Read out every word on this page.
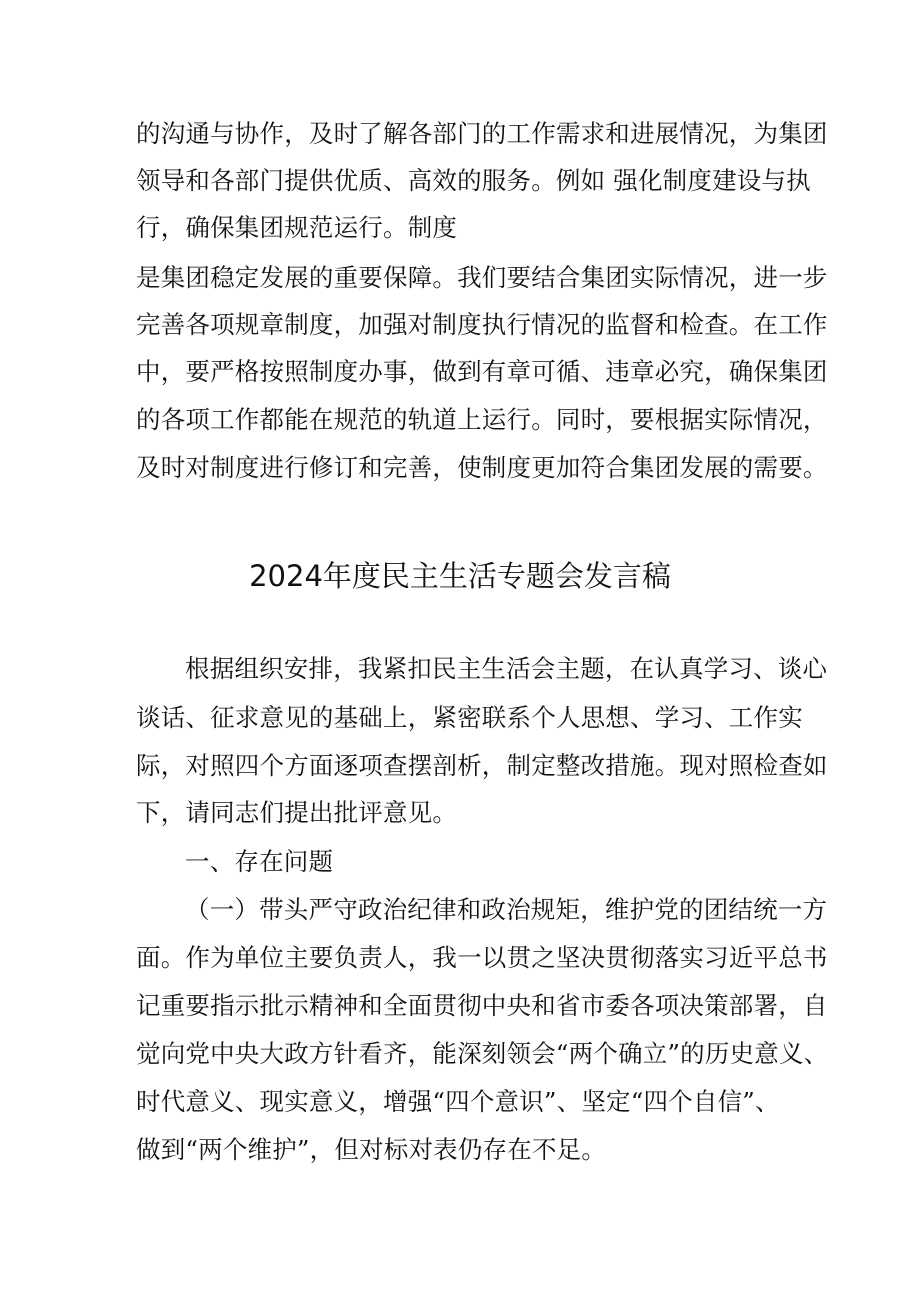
的沟通与协作，及时了解各部门的工作需求和进展情况，为集团
领导和各部门提供优质、高效的服务。例如 强化制度建设与执
行，确保集团规范运行。制度
是集团稳定发展的重要保障。我们要结合集团实际情况，进一步
完善各项规章制度，加强对制度执行情况的监督和检查。在工作
中，要严格按照制度办事，做到有章可循、违章必究，确保集团
的各项工作都能在规范的轨道上运行。同时，要根据实际情况，
及时对制度进行修订和完善，使制度更加符合集团发展的需要。
2024年度民主生活专题会发言稿
根据组织安排，我紧扣民主生活会主题，在认真学习、谈心
谈话、征求意见的基础上，紧密联系个人思想、学习、工作实
际，对照四个方面逐项查摆剖析，制定整改措施。现对照检查如
下，请同志们提出批评意见。
一、存在问题
（一）带头严守政治纪律和政治规矩，维护党的团结统一方
面。作为单位主要负责人，我一以贯之坚决贯彻落实习近平总书
记重要指示批示精神和全面贯彻中央和省市委各项决策部署，自
觉向党中央大政方针看齐，能深刻领会“两个确立”的历史意义、
时代意义、现实意义，增强“四个意识”、坚定“四个自信”、
做到“两个维护”，但对标对表仍存在不足。
